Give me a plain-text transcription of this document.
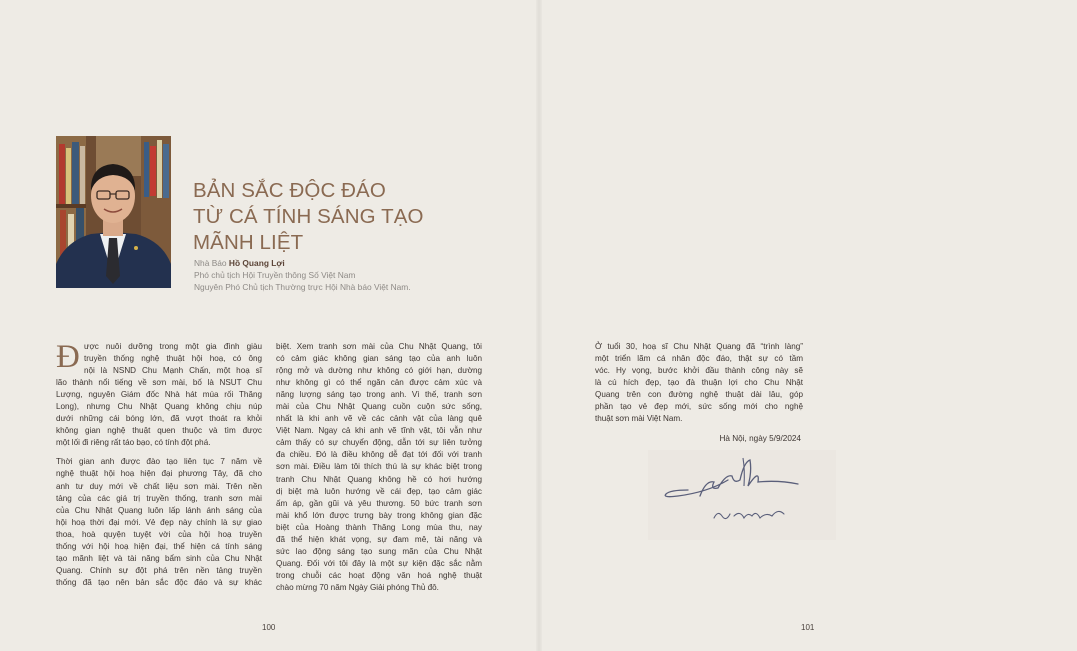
BẢN SẮC ĐỘC ĐÁO
TỪ CÁ TÍNH SÁNG TẠO
MÃNH LIỆT
Nhà Báo Hồ Quang Lợi
Phó chủ tịch Hội Truyền thông Số Việt Nam
Nguyên Phó Chủ tịch Thường trực Hội Nhà báo Việt Nam.
Đ ược nuôi dưỡng trong một gia đình giàu
truyền thống nghệ thuật hội hoạ, có ông
nội là NSND Chu Mạnh Chấn, một hoạ sĩ
lão thành nổi tiếng về sơn mài, bố là NSUT Chu
Lượng, nguyên Giám đốc Nhà hát múa rối Thăng
Long), nhưng Chu Nhật Quang không chịu núp
dưới những cái bóng lớn, đã vượt thoát ra khỏi
không gian nghệ thuật quen thuộc và tìm được
một lối đi riêng rất táo bạo, có tính đột phá.
Thời gian anh được đào tạo liên tục 7 năm về
nghệ thuật hội hoạ hiện đại phương Tây, đã cho
anh tư duy mới về chất liệu sơn mài. Trên nền
tảng của các giá trị truyền thống, tranh sơn mài
của Chu Nhật Quang luôn lấp lánh ánh sáng của
hội hoạ thời đại mới. Vẻ đẹp này chính là sự giao
thoa, hoà quyện tuyệt vời của hội hoạ truyền
thống với hội hoạ hiện đại, thể hiện cá tính sáng
tạo mãnh liệt và tài năng bẩm sinh của Chu Nhật
Quang. Chính sự đột phá trên nền tảng truyền
thống đã tạo nên bản sắc độc đáo và sự khác
biệt. Xem tranh sơn mài của Chu Nhật Quang, tôi
có cảm giác không gian sáng tạo của anh luôn
rộng mở và dường như không có giới hạn, dường
như không gì có thể ngăn cản được cảm xúc và
năng lượng sáng tạo trong anh. Vì thế, tranh sơn
mài của Chu Nhật Quang cuồn cuộn sức sống,
nhất là khi anh vẽ về các cảnh vật của làng quê
Việt Nam. Ngay cả khi anh vẽ tĩnh vật, tôi vẫn như
cảm thấy có sự chuyển động, dẫn tới sự liên tưởng
đa chiều. Đó là điều không dễ đạt tới đối với tranh
sơn mài. Điều làm tôi thích thú là sự khác biệt trong
tranh Chu Nhật Quang không hề có hơi hướng
dị biệt mà luôn hướng về cái đẹp, tạo cảm giác
ấm áp, gần gũi và yêu thương. 50 bức tranh sơn
mài khổ lớn được trưng bày trong không gian đặc
biệt của Hoàng thành Thăng Long mùa thu, nay
đã thể hiện khát vọng, sự đam mê, tài năng và
sức lao động sáng tạo sung mãn của Chu Nhật
Quang. Đối với tôi đây là một sự kiện đặc sắc nằm
trong chuỗi các hoạt động văn hoá nghệ thuật
chào mừng 70 năm Ngày Giải phóng Thủ đô.
Ở tuổi 30, hoạ sĩ Chu Nhật Quang đã “trình làng”
một triển lãm cá nhân độc đáo, thật sự có tầm
vóc. Hy vọng, bước khởi đầu thành công này sẽ
là cú hích đẹp, tạo đà thuận lợi cho Chu Nhật
Quang trên con đường nghệ thuật dài lâu, góp
phần tạo vẻ đẹp mới, sức sống mới cho nghệ
thuật sơn mài Việt Nam.
Hà Nội, ngày 5/9/2024
100	101
